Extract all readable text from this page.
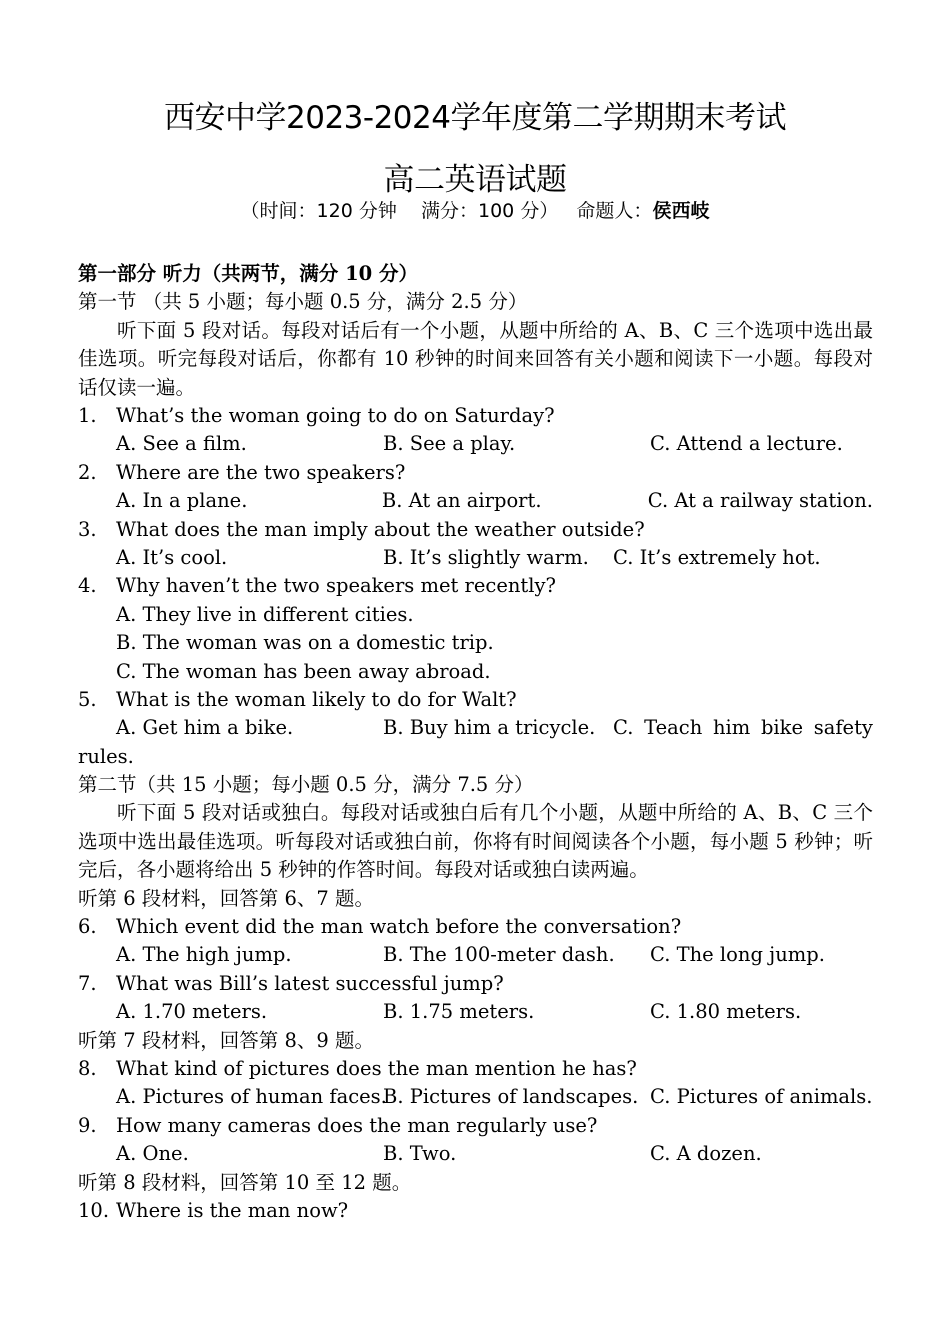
西安中学2023-2024学年度第二学期期末考试
高二英语试题
（时间：120 分钟    满分：100 分）   命题人：侯西岐
第一部分 听力（共两节，满分 10 分）
第一节 （共 5 小题；每小题 0.5 分，满分 2.5 分）
听下面 5 段对话。每段对话后有一个小题，从题中所给的 A、B、C 三个选项中选出最佳选项。听完每段对话后，你都有 10 秒钟的时间来回答有关小题和阅读下一小题。每段对话仅读一遍。
1. What’s the woman going to do on Saturday?
A. See a film.	B. See a play.	C. Attend a lecture.
2. Where are the two speakers?
A. In a plane.	B. At an airport.	C. At a railway station.
3. What does the man imply about the weather outside?
A. It’s cool.	B. It’s slightly warm.	C. It’s extremely hot.
4. Why haven’t the two speakers met recently?
A. They live in different cities.
B. The woman was on a domestic trip.
C. The woman has been away abroad.
5. What is the woman likely to do for Walt?
A. Get him a bike.	B. Buy him a tricycle. C. Teach him bike safety
rules.
第二节（共 15 小题；每小题 0.5 分，满分 7.5 分）
听下面 5 段对话或独白。每段对话或独白后有几个小题，从题中所给的 A、B、C 三个选项中选出最佳选项。听每段对话或独白前，你将有时间阅读各个小题，每小题 5 秒钟；听完后，各小题将给出 5 秒钟的作答时间。每段对话或独白读两遍。
听第 6 段材料，回答第 6、7 题。
6. Which event did the man watch before the conversation?
A. The high jump.	B. The 100-meter dash.	C. The long jump.
7. What was Bill’s latest successful jump?
A. 1.70 meters.	B. 1.75 meters.	C. 1.80 meters.
听第 7 段材料，回答第 8、9 题。
8. What kind of pictures does the man mention he has?
A. Pictures of human faces.
B. Pictures of landscapes. C. Pictures of animals.
9. How many cameras does the man regularly use?
A. One.	B. Two.	C. A dozen.
听第 8 段材料，回答第 10 至 12 题。
10. Where is the man now?
